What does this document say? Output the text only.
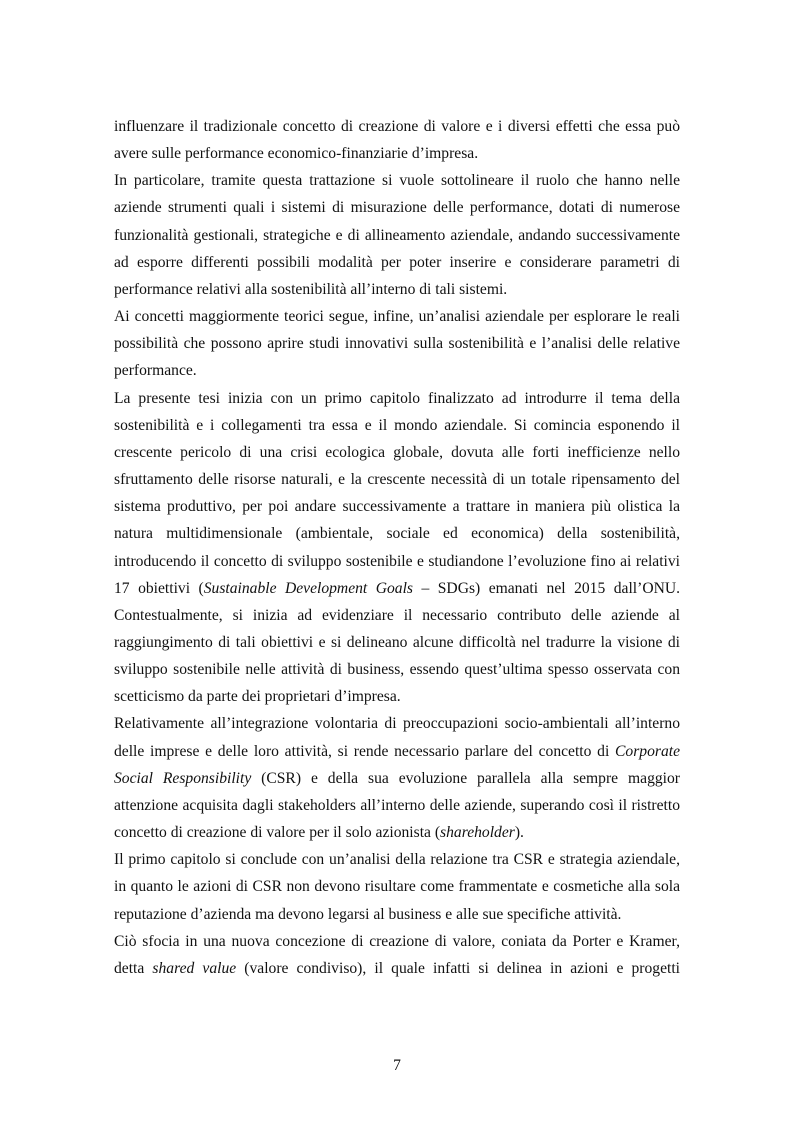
influenzare il tradizionale concetto di creazione di valore e i diversi effetti che essa può avere sulle performance economico-finanziarie d’impresa.

In particolare, tramite questa trattazione si vuole sottolineare il ruolo che hanno nelle aziende strumenti quali i sistemi di misurazione delle performance, dotati di numerose funzionalità gestionali, strategiche e di allineamento aziendale, andando successivamente ad esporre differenti possibili modalità per poter inserire e considerare parametri di performance relativi alla sostenibilità all’interno di tali sistemi.

Ai concetti maggiormente teorici segue, infine, un’analisi aziendale per esplorare le reali possibilità che possono aprire studi innovativi sulla sostenibilità e l’analisi delle relative performance.

La presente tesi inizia con un primo capitolo finalizzato ad introdurre il tema della sostenibilità e i collegamenti tra essa e il mondo aziendale. Si comincia esponendo il crescente pericolo di una crisi ecologica globale, dovuta alle forti inefficienze nello sfruttamento delle risorse naturali, e la crescente necessità di un totale ripensamento del sistema produttivo, per poi andare successivamente a trattare in maniera più olistica la natura multidimensionale (ambientale, sociale ed economica) della sostenibilità, introducendo il concetto di sviluppo sostenibile e studiandone l’evoluzione fino ai relativi 17 obiettivi (Sustainable Development Goals – SDGs) emanati nel 2015 dall’ONU. Contestualmente, si inizia ad evidenziare il necessario contributo delle aziende al raggiungimento di tali obiettivi e si delineano alcune difficoltà nel tradurre la visione di sviluppo sostenibile nelle attività di business, essendo quest’ultima spesso osservata con scetticismo da parte dei proprietari d’impresa.

Relativamente all’integrazione volontaria di preoccupazioni socio-ambientali all’interno delle imprese e delle loro attività, si rende necessario parlare del concetto di Corporate Social Responsibility (CSR) e della sua evoluzione parallela alla sempre maggior attenzione acquisita dagli stakeholders all’interno delle aziende, superando così il ristretto concetto di creazione di valore per il solo azionista (shareholder).

Il primo capitolo si conclude con un’analisi della relazione tra CSR e strategia aziendale, in quanto le azioni di CSR non devono risultare come frammentate e cosmetiche alla sola reputazione d’azienda ma devono legarsi al business e alle sue specifiche attività.

Ciò sfocia in una nuova concezione di creazione di valore, coniata da Porter e Kramer, detta shared value (valore condiviso), il quale infatti si delinea in azioni e progetti

7
